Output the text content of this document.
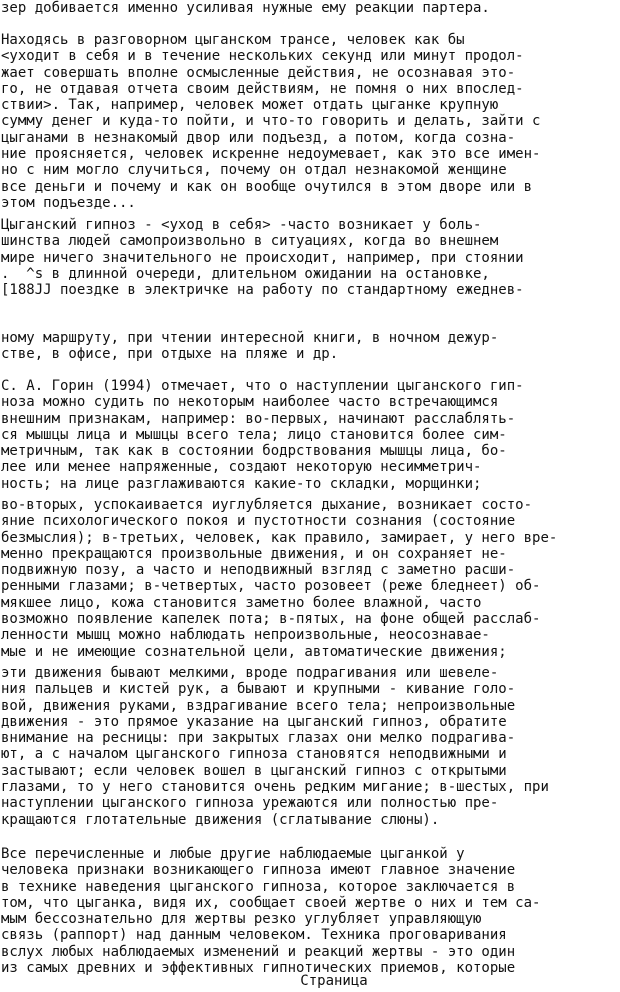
зер добивается именно усиливая нужные ему реакции партера.
Находясь в разговорном цыганском трансе, человек как бы
<уходит в себя и в течение нескольких секунд или минут продол-
жает совершать вполне осмысленные действия, не осознавая это-
го, не отдавая отчета своим действиям, не помня о них впослед-
ствии>. Так, например, человек может отдать цыганке крупную
сумму денег и куда-то пойти, и что-то говорить и делать, зайти с
цыганами в незнакомый двор или подъезд, а потом, когда созна-
ние проясняется, человек искренне недоумевает, как это все имен-
но с ним могло случиться, почему он отдал незнакомой женщине
все деньги и почему и как он вообще очутился в этом дворе или в
этом подъезде...
Цыганский гипноз - <уход в себя> -часто возникает у боль-
шинства людей самопроизвольно в ситуациях, когда во внешнем
мире ничего значительного не происходит, например, при стоянии
.  ^s в длинной очереди, длительном ожидании на остановке,
[188JJ поездке в электричке на работу по стандартному ежеднев-
ному маршруту, при чтении интересной книги, в ночном дежур-
стве, в офисе, при отдыхе на пляже и др.
С. А. Горин (1994) отмечает, что о наступлении цыганского гип-
ноза можно судить по некоторым наиболее часто встречающимся
внешним признакам, например: во-первых, начинают расслаблять-
ся мышцы лица и мышцы всего тела; лицо становится более сим-
метричным, так как в состоянии бодрствования мышцы лица, бо-
лее или менее напряженные, создают некоторую несимметрич-
ность; на лице разглаживаются какие-то складки, морщинки;
во-вторых, успокаивается иуглубляется дыхание, возникает состо-
яние психологического покоя и пустотности сознания (состояние
безмыслия); в-третьих, человек, как правило, замирает, у него вре-
менно прекращаются произвольные движения, и он сохраняет не-
подвижную позу, а часто и неподвижный взгляд с заметно расши-
ренными глазами; в-четвертых, часто розовеет (реже бледнеет) об-
мякшее лицо, кожа становится заметно более влажной, часто
возможно появление капелек пота; в-пятых, на фоне общей расслаб-
ленности мышц можно наблюдать непроизвольные, неосознавае-
мые и не имеющие сознательной цели, автоматические движения;
эти движения бывают мелкими, вроде подрагивания или шевеле-
ния пальцев и кистей рук, а бывают и крупными - кивание голо-
вой, движения руками, вздрагивание всего тела; непроизвольные
движения - это прямое указание на цыганский гипноз, обратите
внимание на ресницы: при закрытых глазах они мелко подрагива-
ют, а с началом цыганского гипноза становятся неподвижными и
застывают; если человек вошел в цыганский гипноз с открытыми
глазами, то у него становится очень редким мигание; в-шестых, при
наступлении цыганского гипноза урежаются или полностью пре-
кращаются глотательные движения (сглатывание слюны).
Все перечисленные и любые другие наблюдаемые цыганкой у
человека признаки возникающего гипноза имеют главное значение
в технике наведения цыганского гипноза, которое заключается в
том, что цыганка, видя их, сообщает своей жертве о них и тем са-
мым бессознательно для жертвы резко углубляет управляющую
связь (раппорт) над данным человеком. Техника проговаривания
вслух любых наблюдаемых изменений и реакций жертвы - это один
из самых древних и эффективных гипнотических приемов, которые
Страница
